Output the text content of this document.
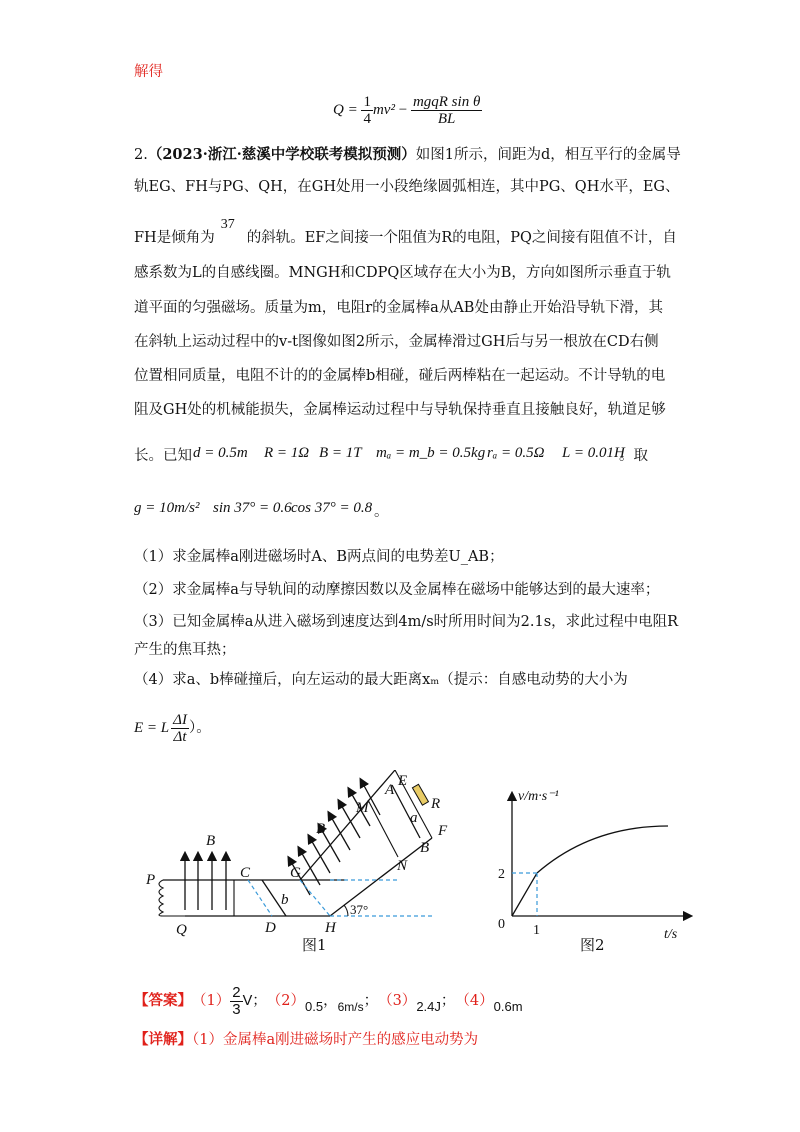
解得
Q =
$\frac{1}{4} mv^2$
−
$\frac{\text{mgqR sin θ}}{BL}$
2.（2023·浙江·慈溪中学校联考模拟预测）如图1所示，间距为d，相互平行的金属导
轨EG、FH与PG、QH，在GH处用一小段绝缘圆弧相连，其中PG、QH水平，EG、
FH是倾角为37的斜轨。EF之间接一个阻值为R的电阻，PQ之间接有阻值不计，自
感系数为L的自感线圈。MNGH和CDPQ区域存在大小为B，方向如图所示垂直于轨
道平面的匀强磁场。质量为m，电阻r的金属棒a从AB处由静止开始沿导轨下滑，其
在斜轨上运动过程中的v-t图像如图2所示，金属棒滑过GH后与另一根放在CD右侧
位置相同质量，电阻不计的的金属棒b相碰，碰后两棒粘在一起运动。不计导轨的电
阻及GH处的机械能损失，金属棒运动过程中与导轨保持垂直且接触良好，轨道足够
长。已知 d = 0.5m R = 1Ω B = 1T mₐ = m_b = 0.5kg rₐ = 0.5Ω L = 0.01H
。取
g = 10m/s² sin 37° = 0.6 cos 37° = 0.8 。
（1）求金属棒a刚进磁场时A、B两点间的电势差U_AB；
（2）求金属棒a与导轨间的动摩擦因数以及金属棒在磁场中能够达到的最大速率；
（3）已知金属棒a从进入磁场到速度达到4m/s时所用时间为2.1s，求此过程中电阻R
产生的焦耳热；
（4）求a、b棒碰撞后，向左运动的最大距离xₘ（提示：自感电动势的大小为
E = L $\frac{\Delta I}{\Delta t}$ ）。
P
Q
C
D
G
H
b
B
B
M
N
A
B
E
R
F
a
37°
图1
v/m·s⁻¹
t/s
2
1
0
图2
【答案】 $(1) \frac{2}{3}$ V； （2） 0.5 ， 6m/s ； （3） 2.4J ； （4） 0.6m
【详解】（1）金属棒a刚进磁场时产生的感应电动势为
